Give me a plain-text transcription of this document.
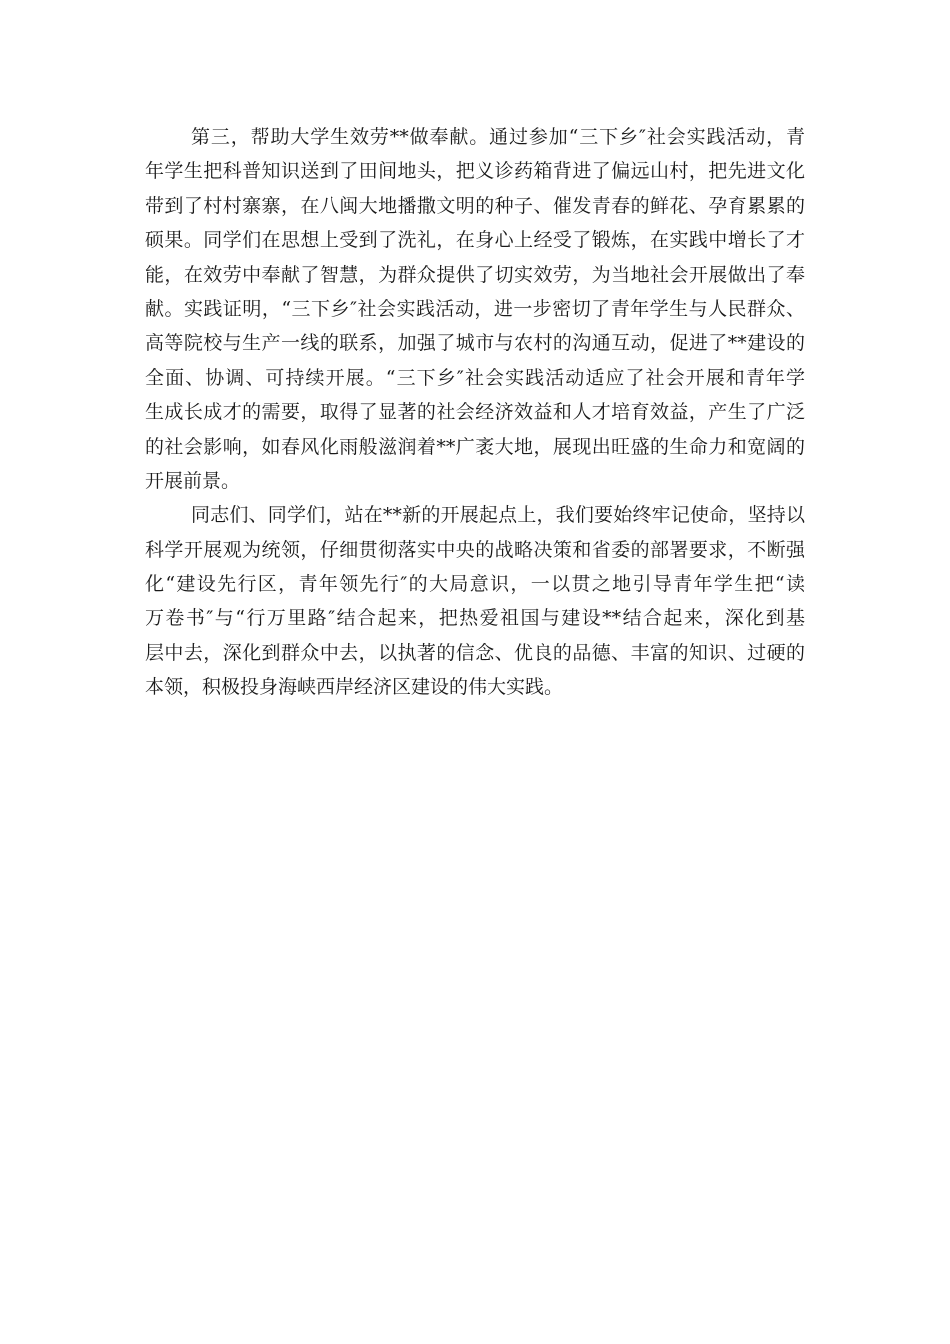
第三，帮助大学生效劳**做奉献。通过参加“三下乡″社会实践活动，青
年学生把科普知识送到了田间地头，把义诊药箱背进了偏远山村，把先进文化
带到了村村寨寨，在八闽大地播撒文明的种子、催发青春的鲜花、孕育累累的
硕果。同学们在思想上受到了洗礼，在身心上经受了锻炼，在实践中增长了才
能，在效劳中奉献了智慧，为群众提供了切实效劳，为当地社会开展做出了奉
献。实践证明，“三下乡″社会实践活动，进一步密切了青年学生与人民群众、
高等院校与生产一线的联系，加强了城市与农村的沟通互动，促进了**建设的
全面、协调、可持续开展。“三下乡″社会实践活动适应了社会开展和青年学
生成长成才的需要，取得了显著的社会经济效益和人才培育效益，产生了广泛
的社会影响，如春风化雨般滋润着**广袤大地，展现出旺盛的生命力和宽阔的
开展前景。
同志们、同学们，站在**新的开展起点上，我们要始终牢记使命，坚持以
科学开展观为统领，仔细贯彻落实中央的战略决策和省委的部署要求，不断强
化“建设先行区，青年领先行″的大局意识，一以贯之地引导青年学生把“读
万卷书″与“行万里路″结合起来，把热爱祖国与建设**结合起来，深化到基
层中去，深化到群众中去，以执著的信念、优良的品德、丰富的知识、过硬的
本领，积极投身海峡西岸经济区建设的伟大实践。
